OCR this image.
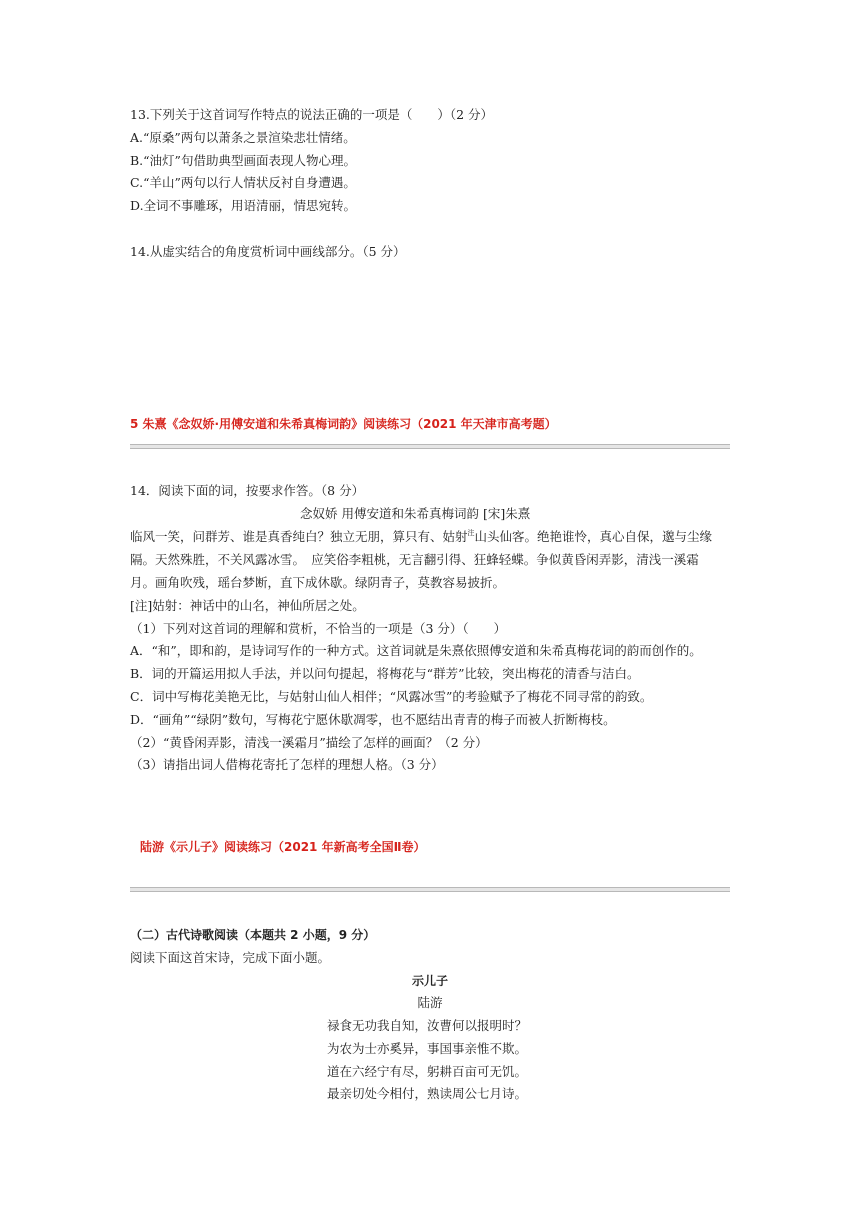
13.下列关于这首词写作特点的说法正确的一项是（　　）（2 分）
A.“原桑”两句以萧条之景渲染悲壮情绪。
B.“油灯”句借助典型画面表现人物心理。
C.“羊山”两句以行人情状反衬自身遭遇。
D.全词不事雕琢，用语清丽，情思宛转。
14.从虚实结合的角度赏析词中画线部分。（5 分）
5 朱熹《念奴娇·用傅安道和朱希真梅词韵》阅读练习（2021 年天津市高考题）
14．阅读下面的词，按要求作答。（8 分）
念奴娇 用傅安道和朱希真梅词韵 [宋]朱熹
临风一笑，问群芳、谁是真香纯白？独立无朋，算只有、姑射$^注$山头仙客。绝艳谁怜，真心自保，邈与尘缘
隔。天然殊胜，不关风露冰雪。　应笑俗李粗桃，无言翻引得、狂蜂轻蝶。争似黄昏闲弄影，清浅一溪霜
月。画角吹残，瑶台梦断，直下成休歇。绿阴青子，莫教容易披折。
[注]姑射：神话中的山名，神仙所居之处。
（1）下列对这首词的理解和赏析，不恰当的一项是（3 分）（　　）
A．“和”，即和韵，是诗词写作的一种方式。这首词就是朱熹依照傅安道和朱希真梅花词的韵而创作的。
B．词的开篇运用拟人手法，并以问句提起，将梅花与“群芳”比较，突出梅花的清香与洁白。
C．词中写梅花美艳无比，与姑射山仙人相伴；“风露冰雪”的考验赋予了梅花不同寻常的韵致。
D．“画角”“绿阴”数句，写梅花宁愿休歇凋零，也不愿结出青青的梅子而被人折断梅枝。
（2）“黄昏闲弄影，清浅一溪霜月”描绘了怎样的画面？（2 分）
（3）请指出词人借梅花寄托了怎样的理想人格。（3 分）
陆游《示儿子》阅读练习（2021 年新高考全国Ⅱ卷）
（二）古代诗歌阅读（本题共 2 小题，9 分）
阅读下面这首宋诗，完成下面小题。
示儿子
陆游
禄食无功我自知，汝曹何以报明时？
为农为士亦奚异，事国事亲惟不欺。
道在六经宁有尽，躬耕百亩可无饥。
最亲切处今相付，熟读周公七月诗。
